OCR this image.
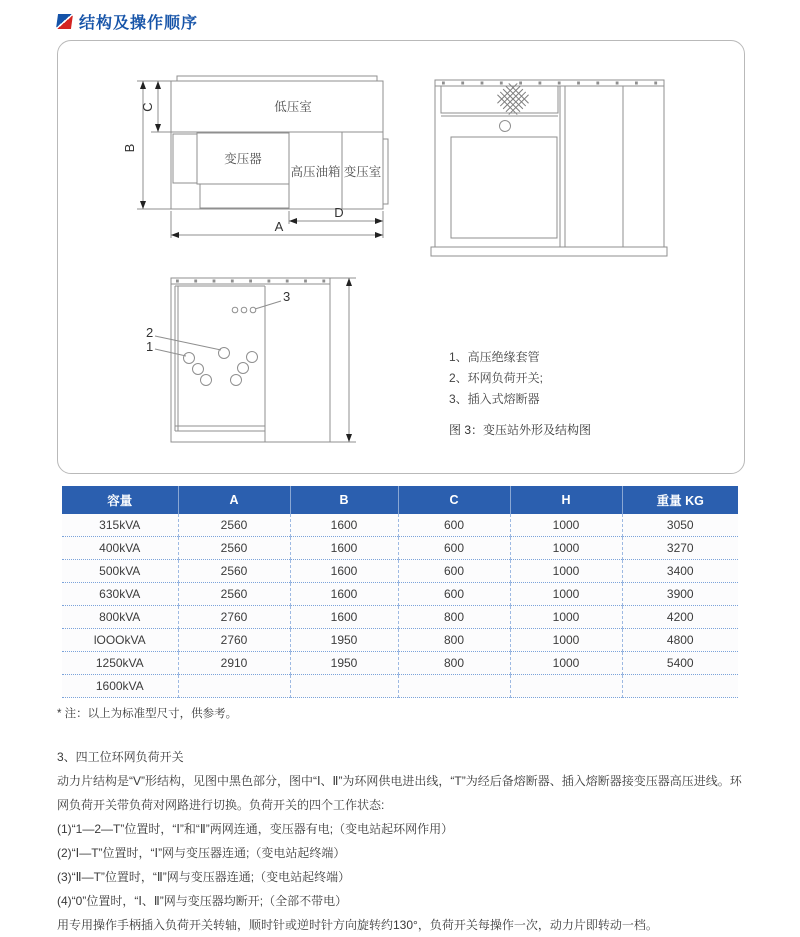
结构及操作顺序
低压室
变压器
高压油箱 变压室
B
C
D
A
3
2
1
1、高压绝缘套管
2、环网负荷开关;
3、插入式熔断器
图 3：变压站外形及结构图
容量	A	B	C	H	重量 KG
315kVA	2560	1600	600	1000	3050
400kVA	2560	1600	600	1000	3270
500kVA	2560	1600	600	1000	3400
630kVA	2560	1600	600	1000	3900
800kVA	2760	1600	800	1000	4200
lOOOkVA	2760	1950	800	1000	4800
1250kVA	2910	1950	800	1000	5400
1600kVA					
* 注：以上为标准型尺寸，供参考。

3、四工位环网负荷开关

动力片结构是“V”形结构，见图中黑色部分，图中“Ⅰ、Ⅱ”为环网供电进出线，“T”为经后备熔断器、插入熔断器接变压器高压进线。环网负荷开关带负荷对网路进行切换。负荷开关的四个工作状态:

(1)“1—2—T”位置时，“Ⅰ”和“Ⅱ”两网连通，变压器有电;（变电站起环网作用）

(2)“Ⅰ—T”位置时，“Ⅰ”网与变压器连通;（变电站起终端）

(3)“Ⅱ—T”位置时，“Ⅱ”网与变压器连通;（变电站起终端）

(4)“0”位置时，“Ⅰ、Ⅱ”网与变压器均断开;（全部不带电）

用专用操作手柄插入负荷开关转轴，顺时针或逆时针方向旋转约130°，负荷开关每操作一次，动力片即转动一档。
